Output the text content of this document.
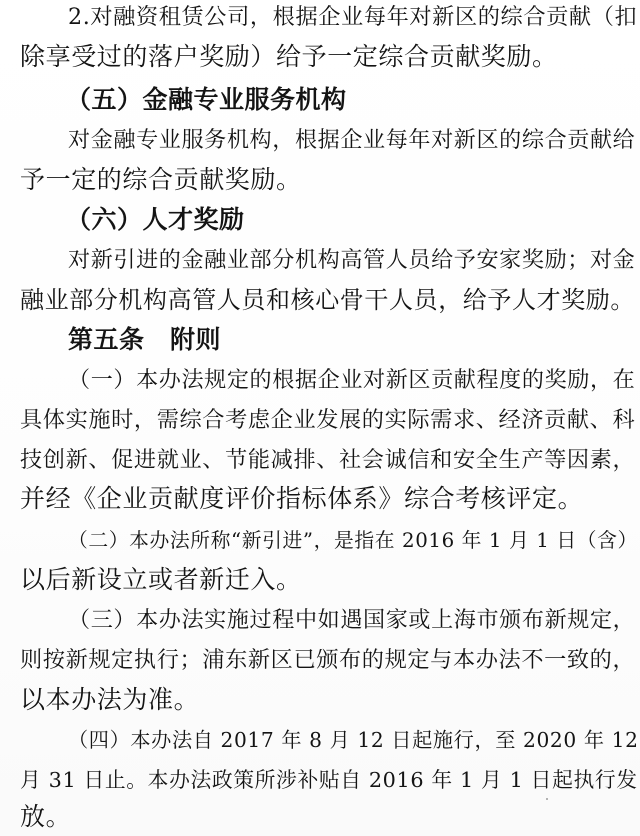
2.对融资租赁公司，根据企业每年对新区的综合贡献（扣

除享受过的落户奖励）给予一定综合贡献奖励。

（五）金融专业服务机构

对金融专业服务机构，根据企业每年对新区的综合贡献给

予一定的综合贡献奖励。

（六）人才奖励

对新引进的金融业部分机构高管人员给予安家奖励；对金

融业部分机构高管人员和核心骨干人员，给予人才奖励。

第五条　附则

（一）本办法规定的根据企业对新区贡献程度的奖励，在

具体实施时，需综合考虑企业发展的实际需求、经济贡献、科

技创新、促进就业、节能减排、社会诚信和安全生产等因素，

并经《企业贡献度评价指标体系》综合考核评定。

（二）本办法所称“新引进”，是指在 2016 年 1 月 1 日（含）

以后新设立或者新迁入。

（三）本办法实施过程中如遇国家或上海市颁布新规定，

则按新规定执行；浦东新区已颁布的规定与本办法不一致的，

以本办法为准。

（四）本办法自 2017 年 8 月 12 日起施行，至 2020 年 12

月 31 日止。本办法政策所涉补贴自 2016 年 1 月 1 日起执行发

放。
